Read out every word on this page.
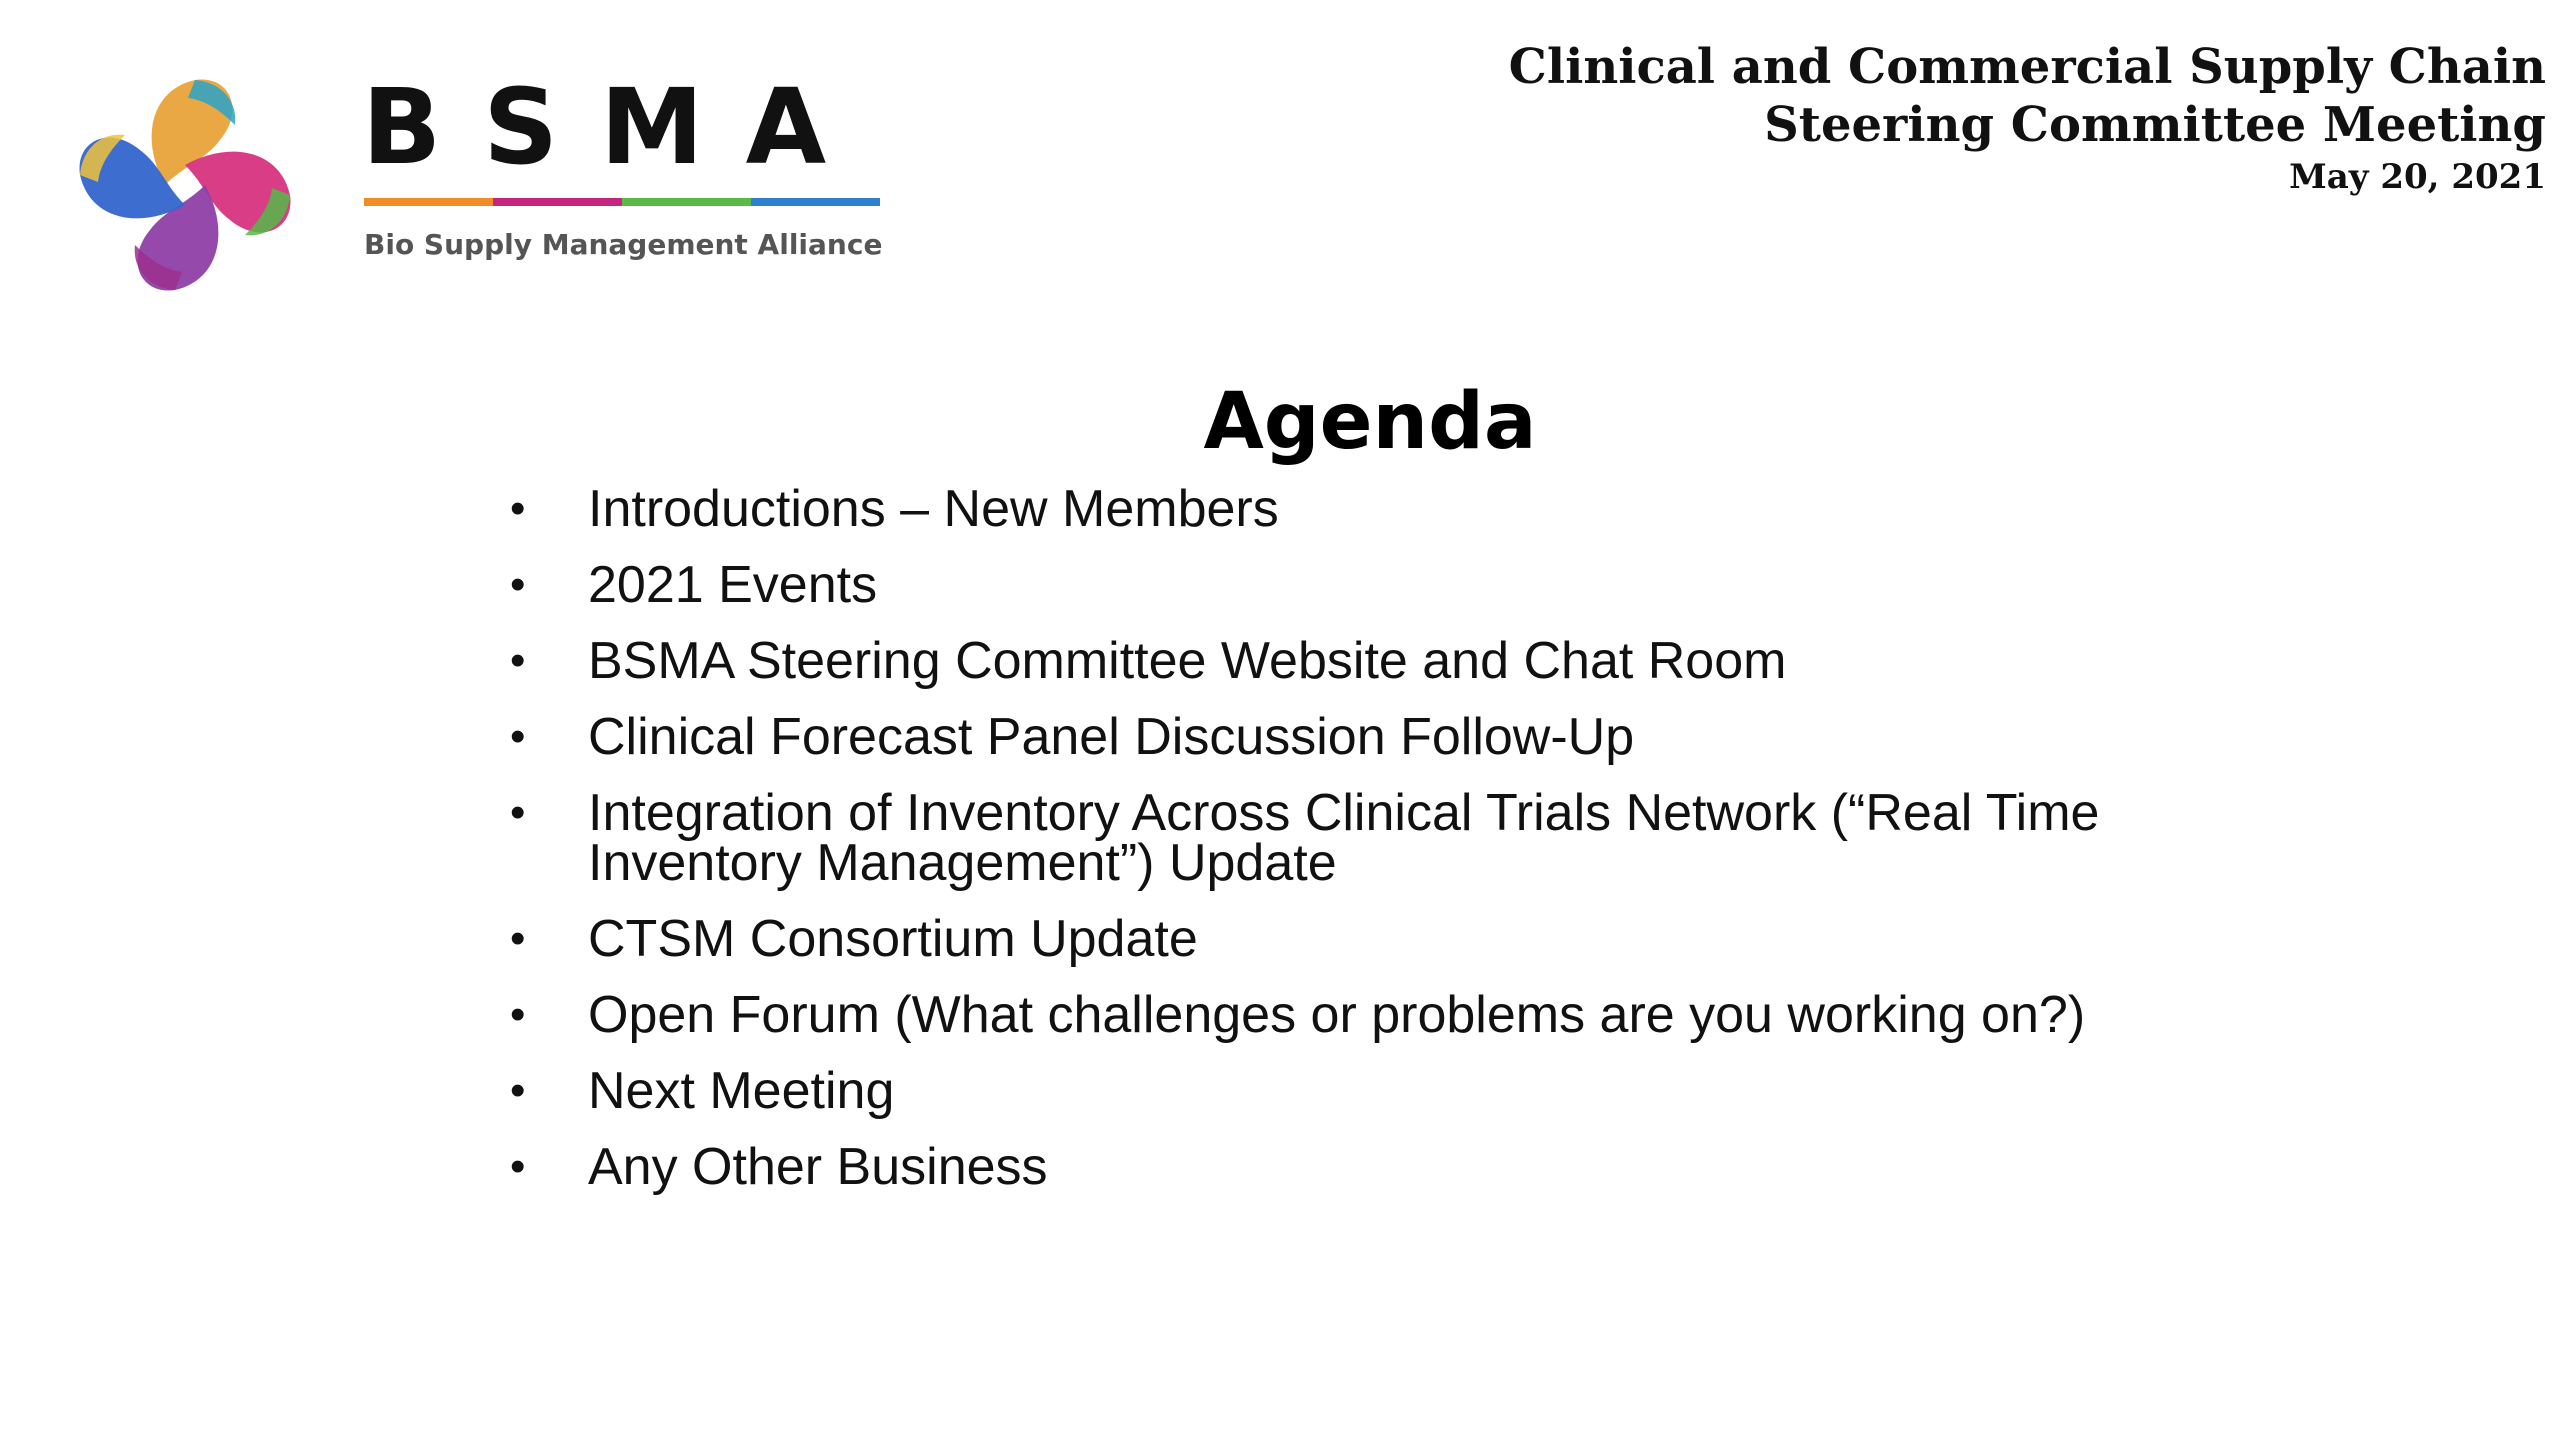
BSMA
Bio Supply Management Alliance
Clinical and Commercial Supply Chain
Steering Committee Meeting
May 20, 2021
Agenda
•	Introductions – New Members
•	2021 Events
•	BSMA Steering Committee Website and Chat Room
•	Clinical Forecast Panel Discussion Follow-Up
•	Integration of Inventory Across Clinical Trials Network (“Real Time Inventory Management”) Update
•	CTSM Consortium Update
•	Open Forum (What challenges or problems are you working on?)
•	Next Meeting
•	Any Other Business
